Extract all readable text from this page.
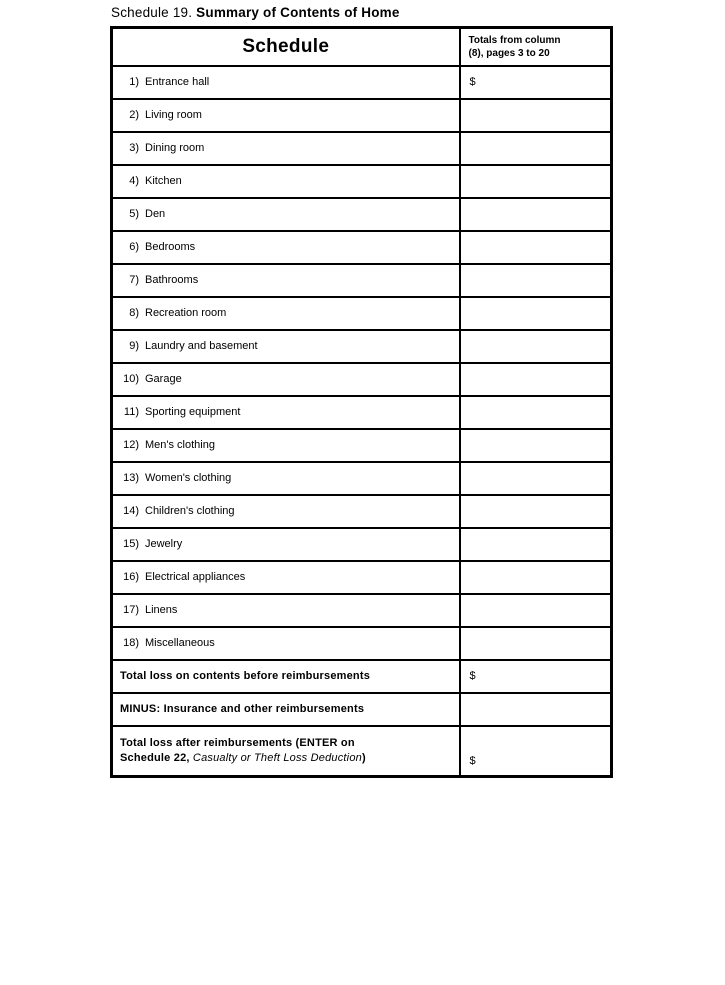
Schedule 19. Summary of Contents of Home
Schedule	Totals from column
(8), pages 3 to 20
1) Entrance hall	$
2) Living room	
3) Dining room	
4) Kitchen	
5) Den	
6) Bedrooms	
7) Bathrooms	
8) Recreation room	
9) Laundry and basement	
10) Garage	
11) Sporting equipment	
12) Men's clothing	
13) Women's clothing	
14) Children's clothing	
15) Jewelry	
16) Electrical appliances	
17) Linens	
18) Miscellaneous	
Total loss on contents before reimbursements	$
MINUS: Insurance and other reimbursements	
Total loss after reimbursements (ENTER on
Schedule 22, Casualty or Theft Loss Deduction)	$
